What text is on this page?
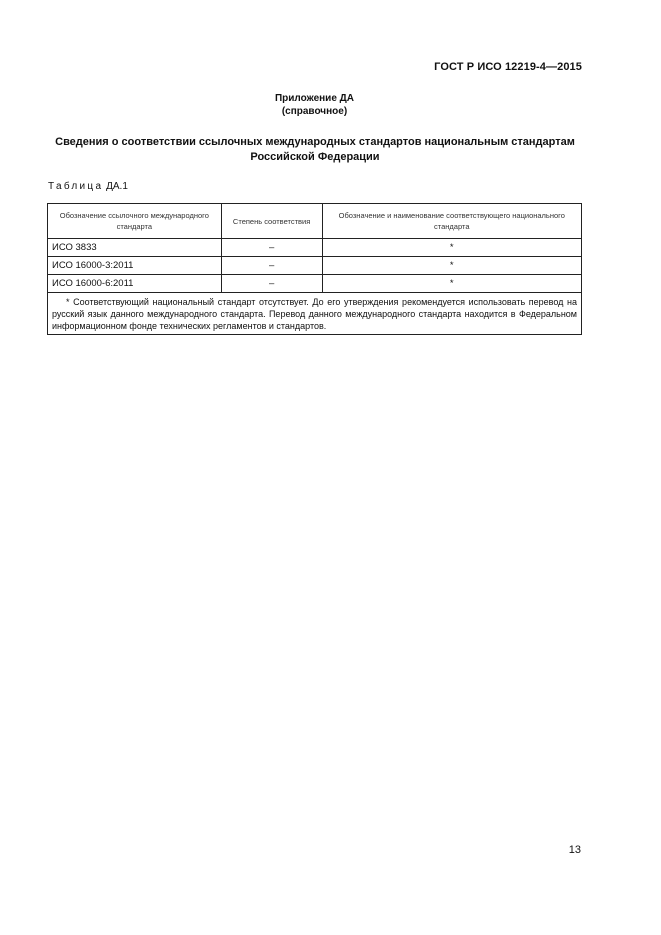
ГОСТ Р ИСО 12219-4—2015
Приложение ДА
(справочное)
Сведения о соответствии ссылочных международных стандартов национальным стандартам
Российской Федерации
Таблица ДА.1
Обозначение ссылочного международного стандарта	Степень соответствия	Обозначение и наименование соответствующего национального стандарта
ИСО 3833	–	*
ИСО 16000-3:2011	–	*
ИСО 16000-6:2011	–	*
* Соответствующий национальный стандарт отсутствует. До его утверждения рекомендуется использовать перевод на русский язык данного международного стандарта. Перевод данного международного стандарта находится в Федеральном информационном фонде технических регламентов и стандартов.		
13
